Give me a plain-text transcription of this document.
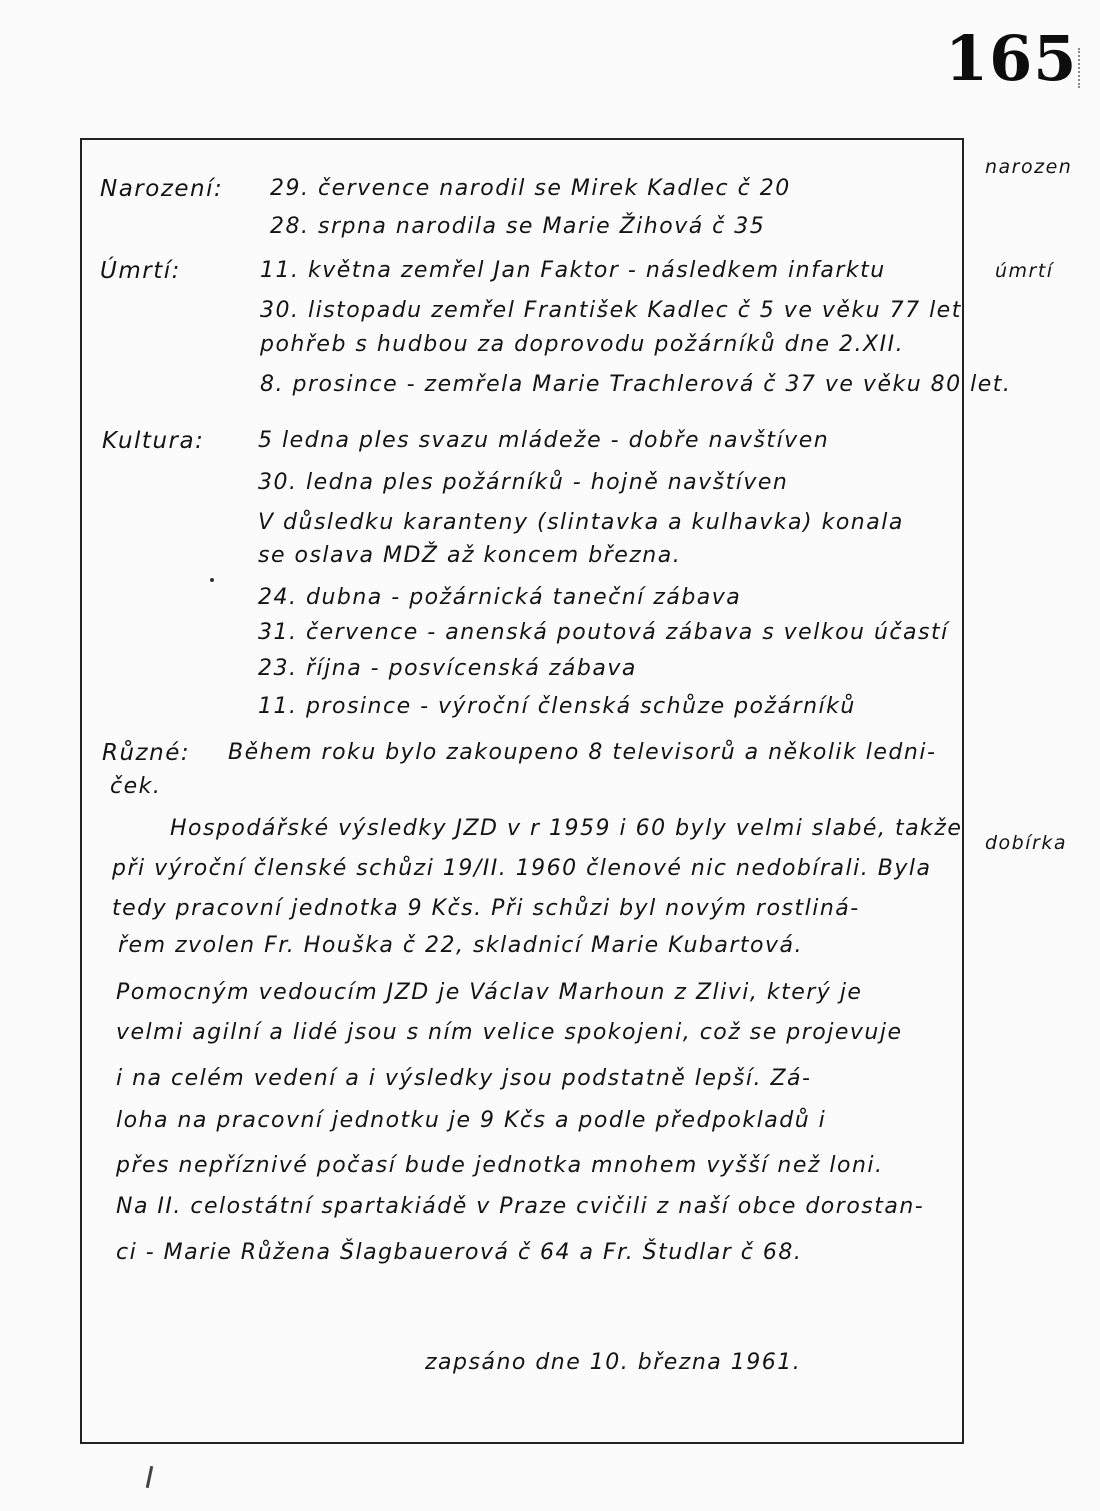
165
narozen
úmrtí
dobírka
Narození: 29. července narodil se Mirek Kadlec č 20
28. srpna narodila se Marie Žihová č 35
Úmrtí:	11. května zemřel Jan Faktor - následkem infarktu
30. listopadu zemřel František Kadlec č 5 ve věku 77 let
pohřeb s hudbou za doprovodu požárníků dne 2.XII.
8. prosince - zemřela Marie Trachlerová č 37 ve věku 80 let.
Kultura: 5 ledna ples svazu mládeže - dobře navštíven
30. ledna ples požárníků - hojně navštíven
V důsledku karanteny (slintavka a kulhavka) konala
se oslava MDŽ až koncem března.
24. dubna - požárnická taneční zábava
31. července - anenská poutová zábava s velkou účastí
23. října - posvícenská zábava
11. prosince - výroční členská schůze požárníků
Různé: Během roku bylo zakoupeno 8 televisorů a několik ledni-
ček.
Hospodářské výsledky JZD v r 1959 i 60 byly velmi slabé, takže
při výroční členské schůzi 19/II. 1960 členové nic nedobírali. Byla
tedy pracovní jednotka 9 Kčs. Při schůzi byl novým rostliná-
řem zvolen Fr. Houška č 22, skladnicí Marie Kubartová.
Pomocným vedoucím JZD je Václav Marhoun z Zlivi, který je
velmi agilní a lidé jsou s ním velice spokojeni, což se projevuje
i na celém vedení a i výsledky jsou podstatně lepší. Zá-
loha na pracovní jednotku je 9 Kčs a podle předpokladů i
přes nepříznivé počasí bude jednotka mnohem vyšší než loni.
Na II. celostátní spartakiádě v Praze cvičili z naší obce dorostan-
ci - Marie Růžena Šlagbauerová č 64 a Fr. Študlar č 68.
zapsáno dne 10. března 1961.
